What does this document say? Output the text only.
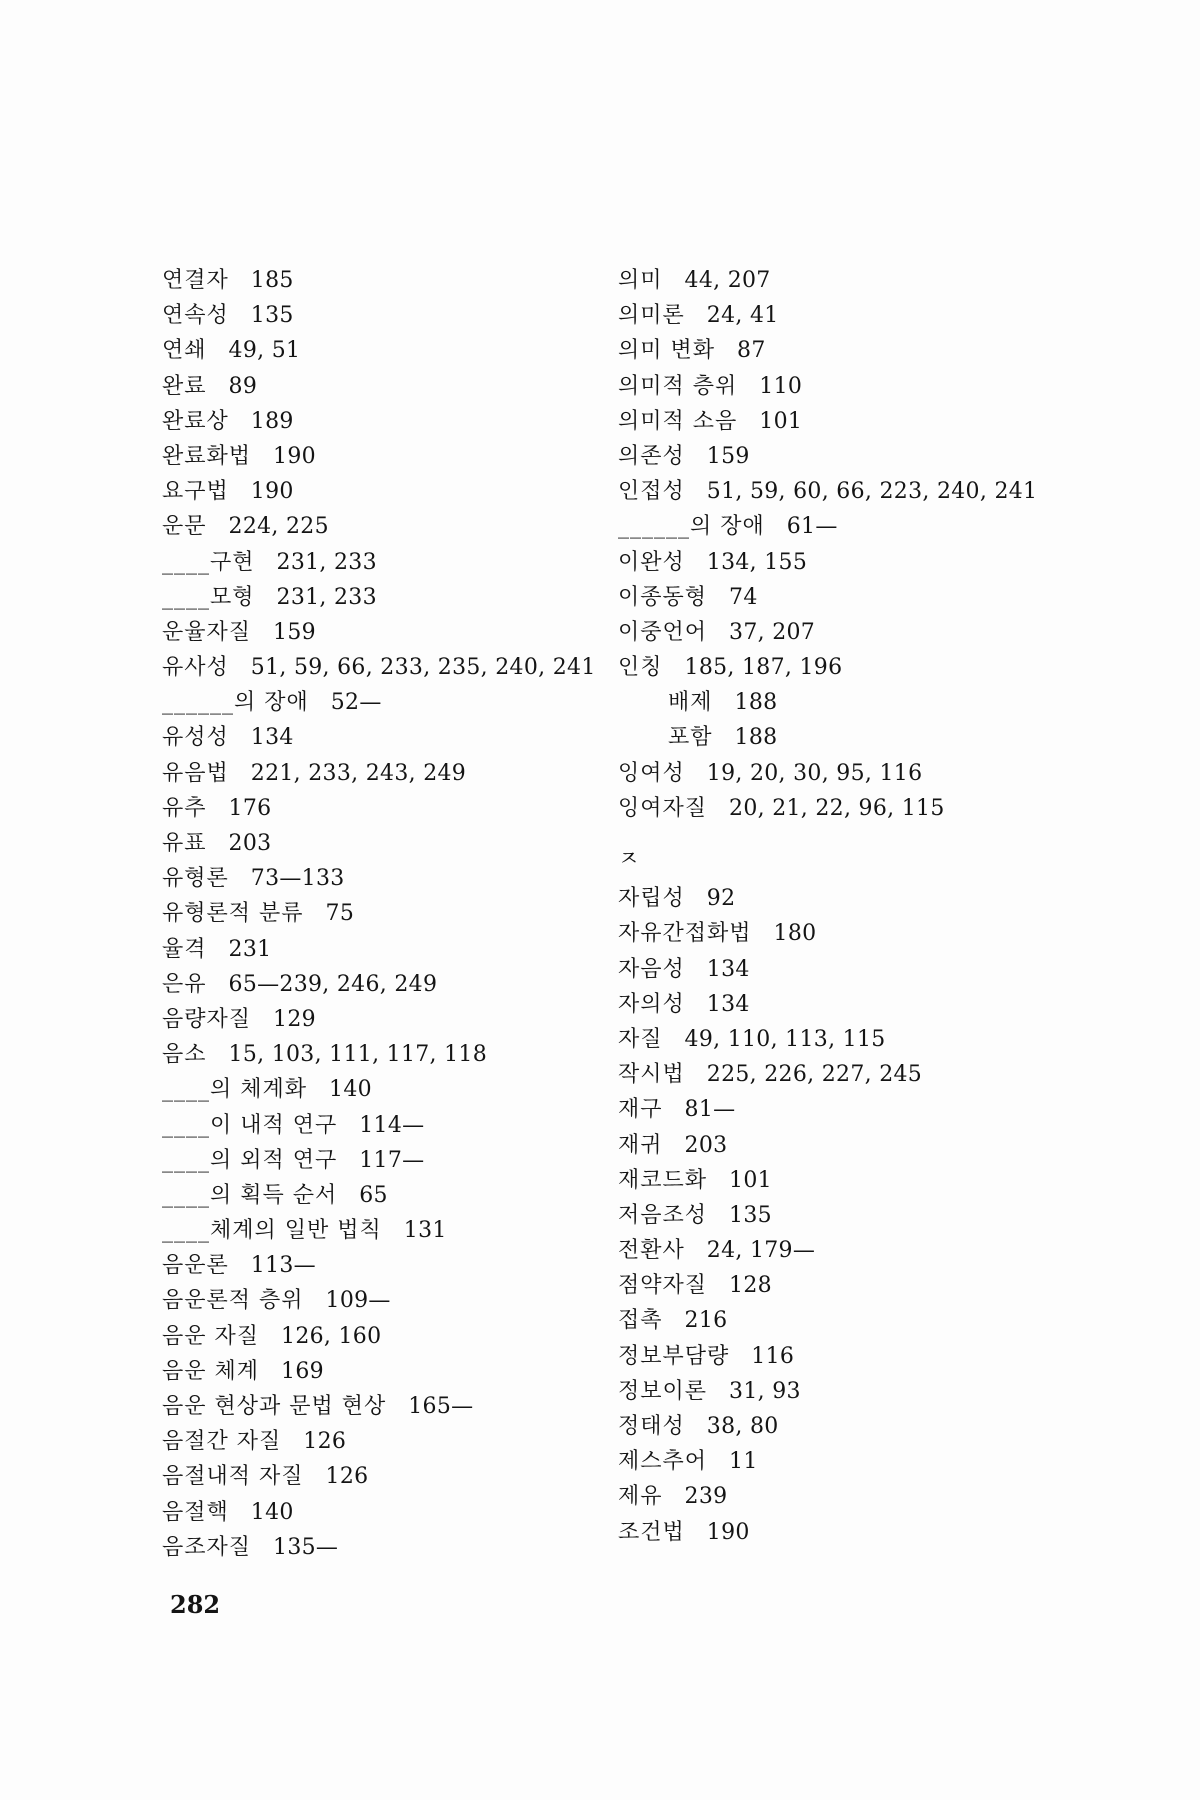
연결자 185
연속성 135
연쇄 49, 51
완료 89
완료상 189
완료화법 190
요구법 190
운문 224, 225
____구현 231, 233
____모형 231, 233
운율자질 159
유사성 51, 59, 66, 233, 235, 240, 241
______의 장애 52—
유성성 134
유음법 221, 233, 243, 249
유추 176
유표 203
유형론 73—133
유형론적 분류 75
율격 231
은유 65—239, 246, 249
음량자질 129
음소 15, 103, 111, 117, 118
____의 체계화 140
____이 내적 연구 114—
____의 외적 연구 117—
____의 획득 순서 65
____체계의 일반 법칙 131
음운론 113—
음운론적 층위 109—
음운 자질 126, 160
음운 체계 169
음운 현상과 문법 현상 165—
음절간 자질 126
음절내적 자질 126
음절핵 140
음조자질 135—
의미 44, 207
의미론 24, 41
의미 변화 87
의미적 층위 110
의미적 소음 101
의존성 159
인접성 51, 59, 60, 66, 223, 240, 241
______의 장애 61—
이완성 134, 155
이종동형 74
이중언어 37, 207
인칭 185, 187, 196
배제 188
포함 188
잉여성 19, 20, 30, 95, 116
잉여자질 20, 21, 22, 96, 115
ㅈ
자립성 92
자유간접화법 180
자음성 134
자의성 134
자질 49, 110, 113, 115
작시법 225, 226, 227, 245
재구 81—
재귀 203
재코드화 101
저음조성 135
전환사 24, 179—
점약자질 128
접촉 216
정보부담량 116
정보이론 31, 93
정태성 38, 80
제스추어 11
제유 239
조건법 190
282
